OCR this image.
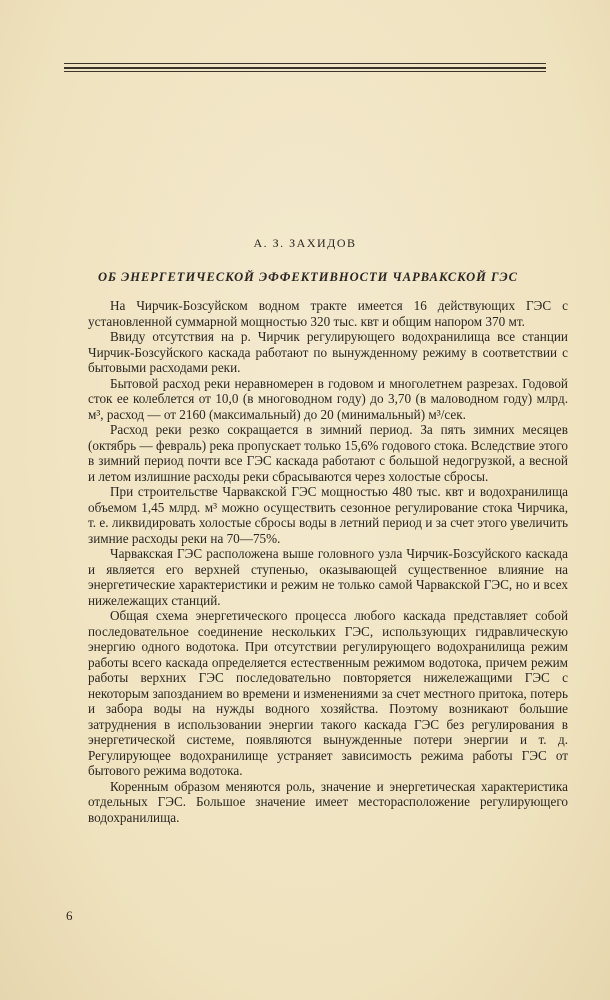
А. З. ЗАХИДОВ
ОБ ЭНЕРГЕТИЧЕСКОЙ ЭФФЕКТИВНОСТИ ЧАРВАКСКОЙ ГЭС

На Чирчик-Бозсуйском водном тракте имеется 16 действующих ГЭС с установленной суммарной мощностью 320 тыс. квт и общим напором 370 мт.

Ввиду отсутствия на р. Чирчик регулирующего водохранилища все станции Чирчик-Бозсуйского каскада работают по вынужденному режиму в соответствии с бытовыми расходами реки.

Бытовой расход реки неравномерен в годовом и многолетнем разрезах. Годовой сток ее колеблется от 10,0 (в многоводном году) до 3,70 (в маловодном году) млрд. м³, расход — от 2160 (максимальный) до 20 (минимальный) м³/сек.

Расход реки резко сокращается в зимний период. За пять зимних месяцев (октябрь — февраль) река пропускает только 15,6% годового стока. Вследствие этого в зимний период почти все ГЭС каскада работают с большой недогрузкой, а весной и летом излишние расходы реки сбрасываются через холостые сбросы.

При строительстве Чарвакской ГЭС мощностью 480 тыс. квт и водохранилища объемом 1,45 млрд. м³ можно осуществить сезонное регулирование стока Чирчика, т. е. ликвидировать холостые сбросы воды в летний период и за счет этого увеличить зимние расходы реки на 70—75%.

Чарвакская ГЭС расположена выше головного узла Чирчик-Бозсуйского каскада и является его верхней ступенью, оказывающей существенное влияние на энергетические характеристики и режим не только самой Чарвакской ГЭС, но и всех нижележащих станций.

Общая схема энергетического процесса любого каскада представляет собой последовательное соединение нескольких ГЭС, использующих гидравлическую энергию одного водотока. При отсутствии регулирующего водохранилища режим работы всего каскада определяется естественным режимом водотока, причем режим работы верхних ГЭС последовательно повторяется нижележащими ГЭС с некоторым запозданием во времени и изменениями за счет местного притока, потерь и забора воды на нужды водного хозяйства. Поэтому возникают большие затруднения в использовании энергии такого каскада ГЭС без регулирования в энергетической системе, появляются вынужденные потери энергии и т. д. Регулирующее водохранилище устраняет зависимость режима работы ГЭС от бытового режима водотока.

Коренным образом меняются роль, значение и энергетическая характеристика отдельных ГЭС. Большое значение имеет месторасположение регулирующего водохранилища.

6
